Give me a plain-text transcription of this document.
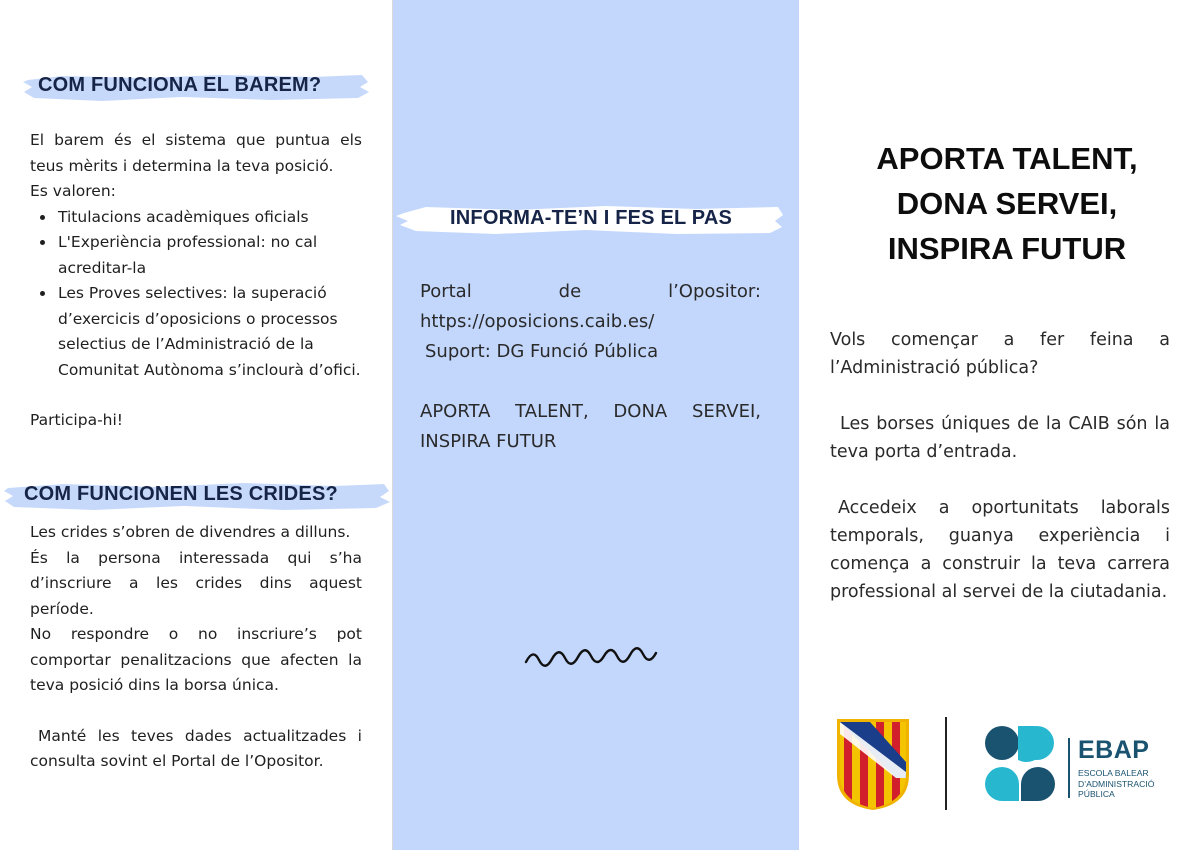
COM FUNCIONA EL BAREM?

El barem és el sistema que puntua els teus mèrits i determina la teva posició.

Es valoren:

• Titulacions acadèmiques oficials
• L'Experiència professional: no cal acreditar-la
• Les Proves selectives: la superació d’exercicis d’oposicions o processos selectius de l’Administració de la Comunitat Autònoma s’inclourà d’ofici.

Participa-hi!

COM FUNCIONEN LES CRIDES?

Les crides s’obren de divendres a dilluns.

És la persona interessada qui s’ha d’inscriure a les crides dins aquest període.

No respondre o no inscriure’s pot comportar penalitzacions que afecten la teva posició dins la borsa única.

Manté les teves dades actualitzades i consulta sovint el Portal de l’Opositor.

INFORMA-TE’N I FES EL PAS

Portal de l’Opositor:

https://oposicions.caib.es/

Suport: DG Funció Pública

APORTA TALENT, DONA SERVEI, INSPIRA FUTUR

APORTA TALENT,
DONA SERVEI,
INSPIRA FUTUR

Vols començar a fer feina a l’Administració pública?

Les borses úniques de la CAIB són la teva porta d’entrada.

Accedeix a oportunitats laborals temporals, guanya experiència i comença a construir la teva carrera professional al servei de la ciutadania.

EBAP
ESCOLA BALEAR
D’ADMINISTRACIÓ
PÚBLICA
